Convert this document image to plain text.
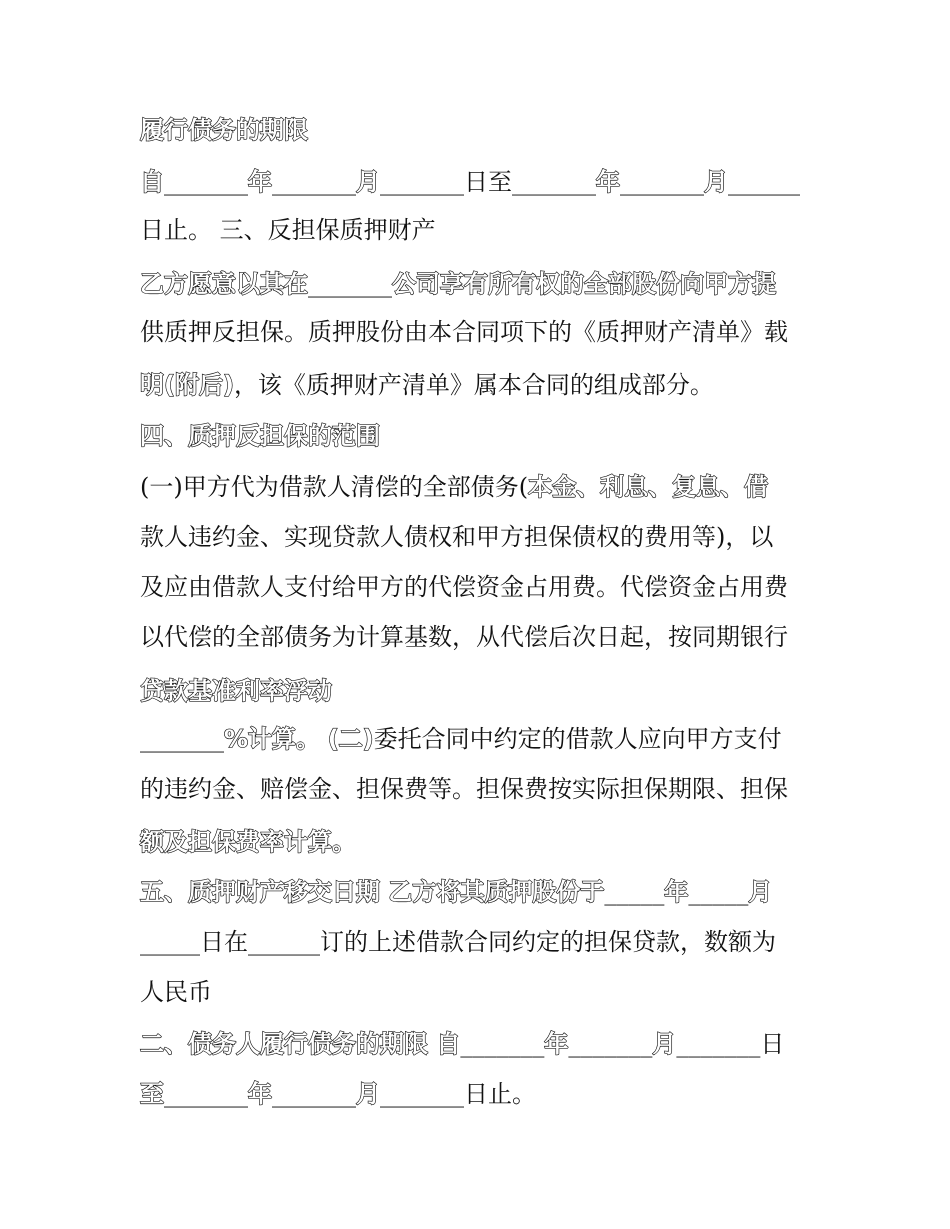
履行债务的期限
自_______年_______月_______日至_______年_______月______
日止。 三、反担保质押财产
乙方愿意以其在_______公司享有所有权的全部股份向甲方提
供质押反担保。质押股份由本合同项下的《质押财产清单》载
明(附后)，该《质押财产清单》属本合同的组成部分。
四、质押反担保的范围
(一)甲方代为借款人清偿的全部债务(本金、利息、复息、借
款人违约金、实现贷款人债权和甲方担保债权的费用等)，以
及应由借款人支付给甲方的代偿资金占用费。代偿资金占用费
以代偿的全部债务为计算基数，从代偿后次日起，按同期银行
贷款基准利率浮动
_______%计算。 (二)委托合同中约定的借款人应向甲方支付
的违约金、赔偿金、担保费等。担保费按实际担保期限、担保
额及担保费率计算。
五、质押财产移交日期 乙方将其质押股份于_____年_____月
_____日在______订的上述借款合同约定的担保贷款，数额为
人民币
二、债务人履行债务的期限 自_______年_______月_______日
至_______年_______月_______日止。
